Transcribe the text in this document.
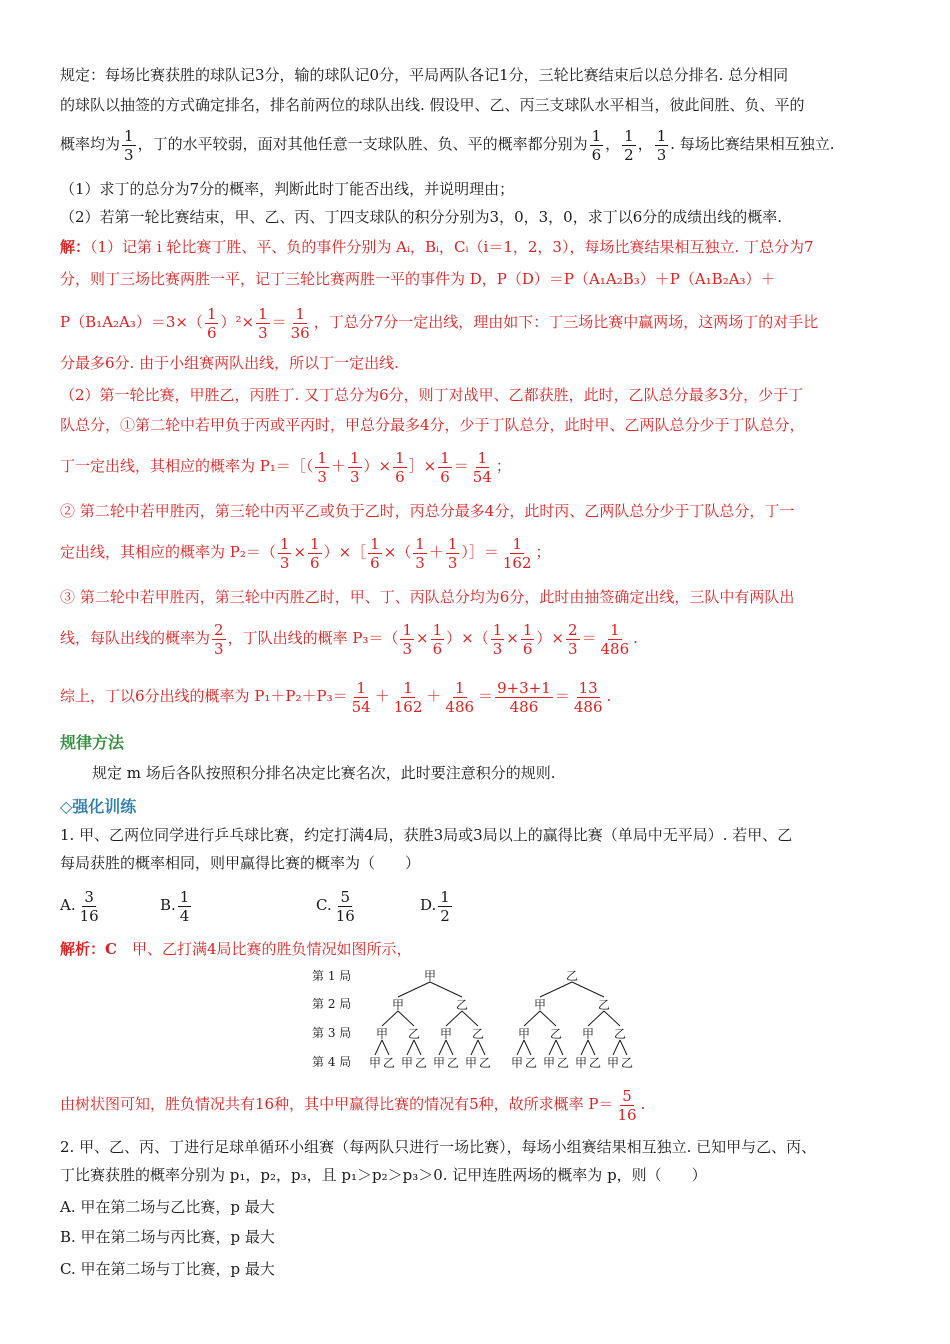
规定：每场比赛获胜的球队记3分，输的球队记0分，平局两队各记1分，三轮比赛结束后以总分排名. 总分相同
的球队以抽签的方式确定排名，排名前两位的球队出线. 假设甲、乙、丙三支球队水平相当，彼此间胜、负、平的
概率均为 $\frac{1}{3}$ ，丁的水平较弱，面对其他任意一支球队胜、负、平的概率都分别为 $\frac{1}{6}$ ， $\frac{1}{2}$ ， $\frac{1}{3}$ . 每场比赛结果相互独立.
（1）求丁的总分为7分的概率，判断此时丁能否出线，并说明理由；
（2）若第一轮比赛结束，甲、乙、丙、丁四支球队的积分分别为3，0，3，0，求丁以6分的成绩出线的概率.
解：（1）记第 i 轮比赛丁胜、平、负的事件分别为 Aᵢ，Bᵢ，Cᵢ（i＝1，2，3），每场比赛结果相互独立. 丁总分为7
分，则丁三场比赛两胜一平，记丁三轮比赛两胜一平的事件为 D，P（D）＝P（A₁A₂B₃）＋P（A₁B₂A₃）＋
$P(B_1A_2A_3)=3\times( \frac{1}{6} )^2\times \frac{1}{3} = \frac{1}{36}$ ，丁总分7分一定出线，理由如下：丁三场比赛中赢两场，这两场丁的对手比
分最多6分. 由于小组赛两队出线，所以丁一定出线.
（2）第一轮比赛，甲胜乙，丙胜丁. 又丁总分为6分，则丁对战甲、乙都获胜，此时，乙队总分最多3分，少于丁
队总分，①第二轮中若甲负于丙或平丙时，甲总分最多4分，少于丁队总分，此时甲、乙两队总分少于丁队总分，
丁一定出线，其相应的概率为 P₁＝［（ $\frac{1}{3} + \frac{1}{3}$ ）× $\frac{1}{6}$ ］× $\frac{1}{6} = \frac{1}{54}$ ；
② 第二轮中若甲胜丙，第三轮中丙平乙或负于乙时，丙总分最多4分，此时丙、乙两队总分少于丁队总分，丁一
定出线，其相应的概率为 $P_2=( \frac{1}{3} \times \frac{1}{6}$ ）×［ $\frac{1}{6}$ ×（ $\frac{1}{3} + \frac{1}{3}$ ）］＝ $\frac{1}{162}$ ；
③ 第二轮中若甲胜丙，第三轮中丙胜乙时，甲、丁、丙队总分均为6分，此时由抽签确定出线，三队中有两队出
线，每队出线的概率为 $\frac{2}{3}$ ，丁队出线的概率 $P_3=( \frac{1}{3} \times \frac{1}{6}$ ）×（ $\frac{1}{3} \times \frac{1}{6}$ ）× $\frac{2}{3} = \frac{1}{486}$ .
综上，丁以6分出线的概率为 $P_1+P_2+P_3= \frac{1}{54} + \frac{1}{162} + \frac{1}{486} = \frac{9+3+1}{486} = \frac{13}{486}$ .
规律方法
规定 m 场后各队按照积分排名决定比赛名次，此时要注意积分的规则.
◇强化训练
1. 甲、乙两位同学进行乒乓球比赛，约定打满4局，获胜3局或3局以上的赢得比赛（单局中无平局）. 若甲、乙
每局获胜的概率相同，则甲赢得比赛的概率为（　　）
A. $\frac{3}{16}$	B. $\frac{1}{4}$	C. $\frac{5}{16}$	D. $\frac{1}{2}$
解析：C　甲、乙打满4局比赛的胜负情况如图所示，
第 1 局
第 2 局
第 3 局
第 4 局
甲
甲
甲
甲 乙
乙
甲 乙
乙
甲
甲 乙
乙
甲 乙
乙
甲
甲
甲 乙
乙
甲 乙
乙
甲
甲 乙
乙
甲 乙
由树状图可知，胜负情况共有16种，其中甲赢得比赛的情况有5种，故所求概率 $P= \frac{5}{16}$ .
2. 甲、乙、丙、丁进行足球单循环小组赛（每两队只进行一场比赛），每场小组赛结果相互独立. 已知甲与乙、丙、
丁比赛获胜的概率分别为 p₁，p₂，p₃，且 p₁＞p₂＞p₃＞0. 记甲连胜两场的概率为 p，则（　　）
A. 甲在第二场与乙比赛，p 最大
B. 甲在第二场与丙比赛，p 最大
C. 甲在第二场与丁比赛，p 最大
